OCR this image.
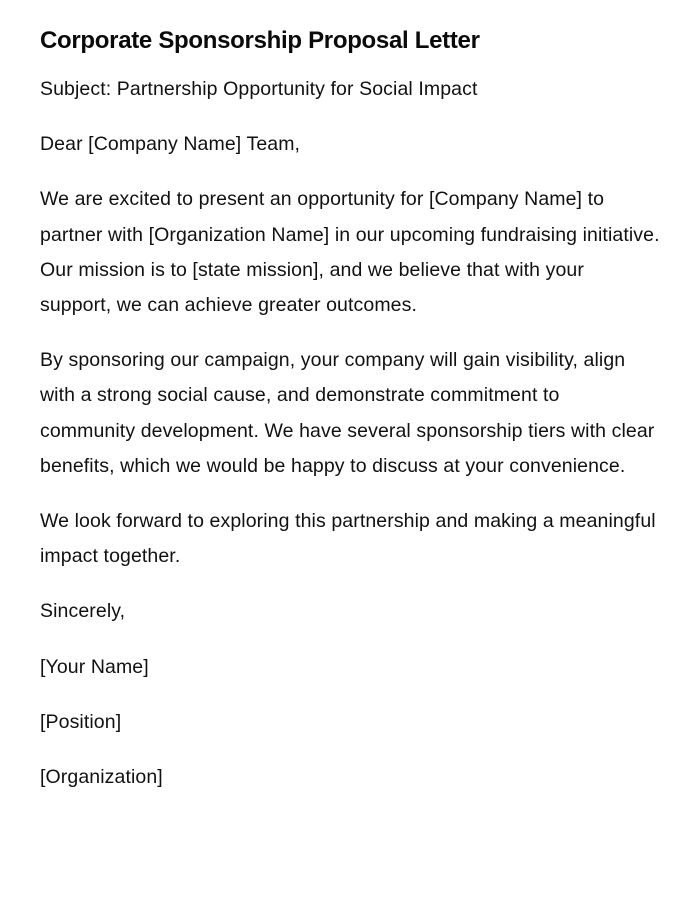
Corporate Sponsorship Proposal Letter

Subject: Partnership Opportunity for Social Impact

Dear [Company Name] Team,

We are excited to present an opportunity for [Company Name] to partner with [Organization Name] in our upcoming fundraising initiative. Our mission is to [state mission], and we believe that with your support, we can achieve greater outcomes.

By sponsoring our campaign, your company will gain visibility, align with a strong social cause, and demonstrate commitment to community development. We have several sponsorship tiers with clear benefits, which we would be happy to discuss at your convenience.

We look forward to exploring this partnership and making a meaningful impact together.

Sincerely,

[Your Name]

[Position]

[Organization]
